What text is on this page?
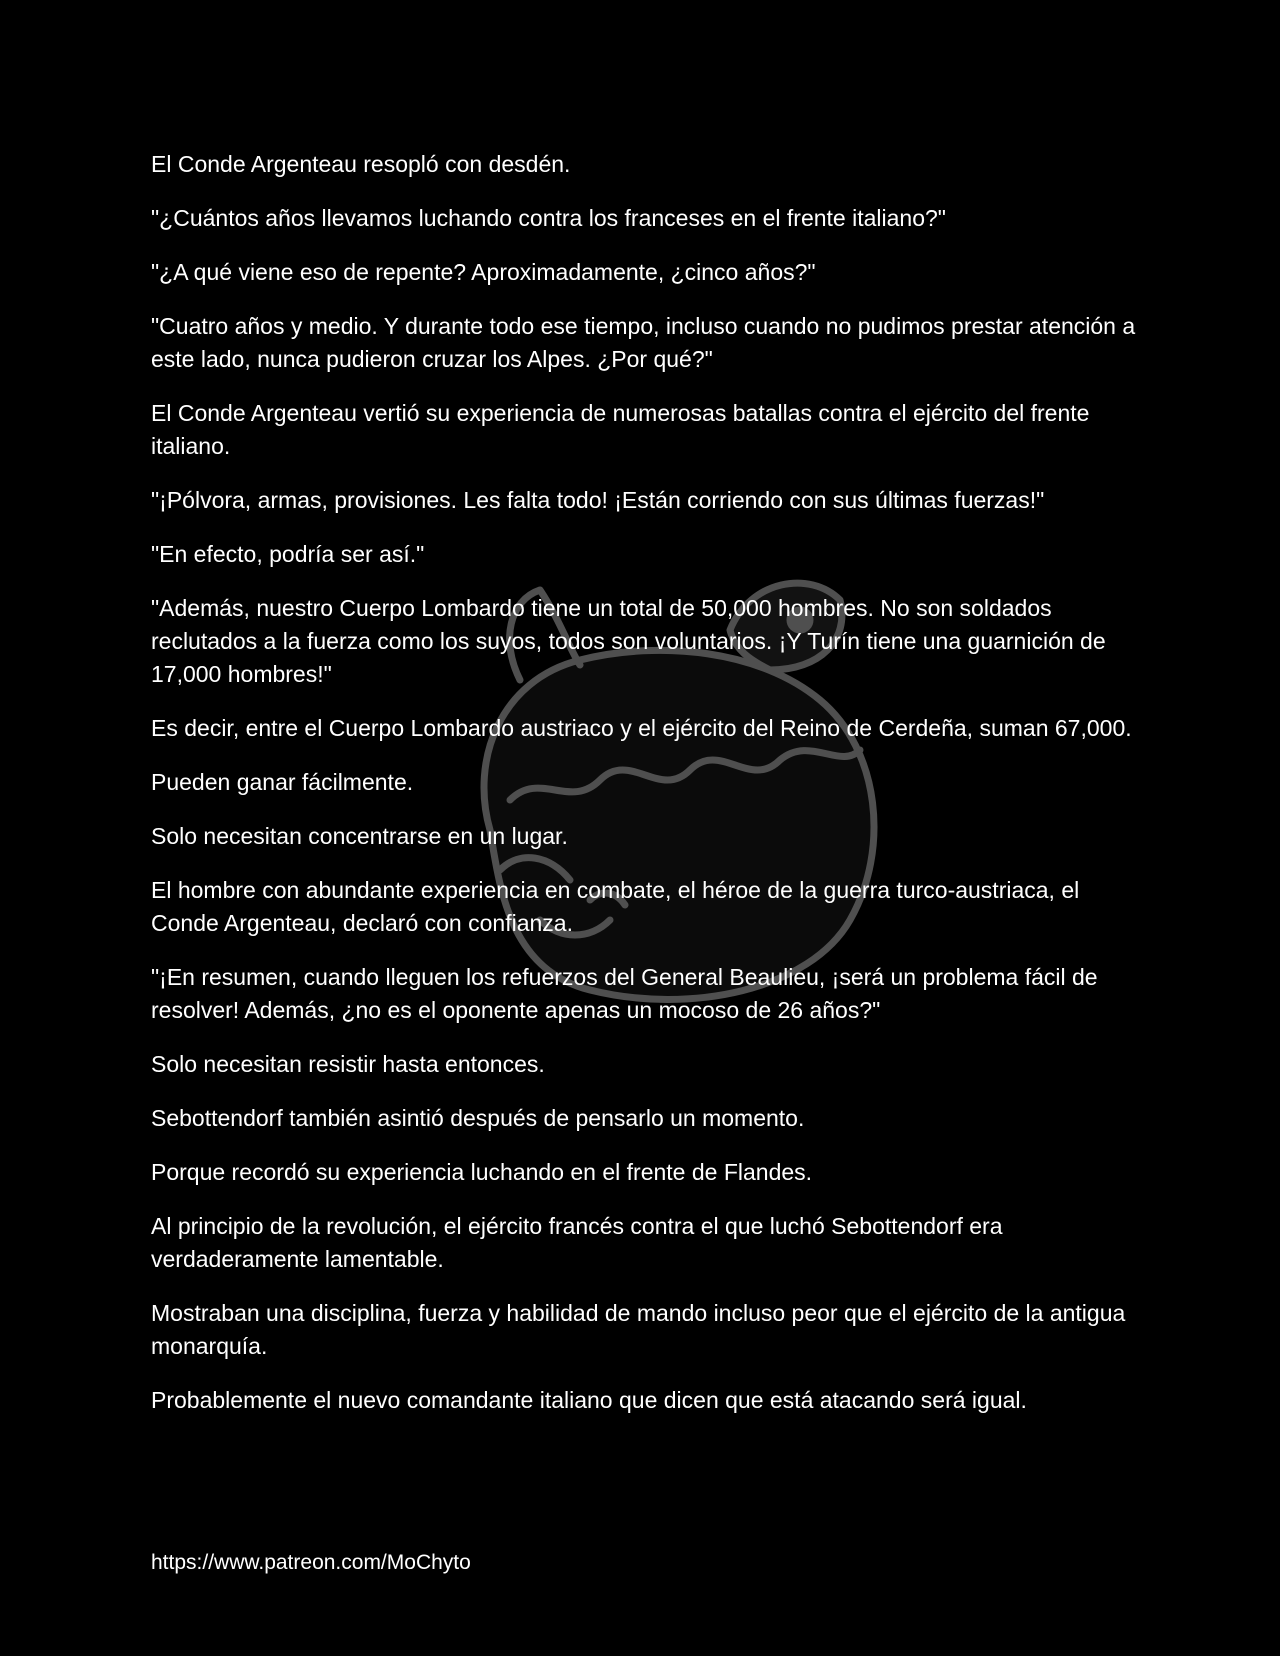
El Conde Argenteau resopló con desdén.

"¿Cuántos años llevamos luchando contra los franceses en el frente italiano?"

"¿A qué viene eso de repente? Aproximadamente, ¿cinco años?"

"Cuatro años y medio. Y durante todo ese tiempo, incluso cuando no pudimos prestar atención a este lado, nunca pudieron cruzar los Alpes. ¿Por qué?"

El Conde Argenteau vertió su experiencia de numerosas batallas contra el ejército del frente italiano.

"¡Pólvora, armas, provisiones. Les falta todo! ¡Están corriendo con sus últimas fuerzas!"

"En efecto, podría ser así."

"Además, nuestro Cuerpo Lombardo tiene un total de 50,000 hombres. No son soldados reclutados a la fuerza como los suyos, todos son voluntarios. ¡Y Turín tiene una guarnición de 17,000 hombres!"

Es decir, entre el Cuerpo Lombardo austriaco y el ejército del Reino de Cerdeña, suman 67,000.

Pueden ganar fácilmente.

Solo necesitan concentrarse en un lugar.

El hombre con abundante experiencia en combate, el héroe de la guerra turco-austriaca, el Conde Argenteau, declaró con confianza.

"¡En resumen, cuando lleguen los refuerzos del General Beaulieu, ¡será un problema fácil de resolver! Además, ¿no es el oponente apenas un mocoso de 26 años?"

Solo necesitan resistir hasta entonces.

Sebottendorf también asintió después de pensarlo un momento.

Porque recordó su experiencia luchando en el frente de Flandes.

Al principio de la revolución, el ejército francés contra el que luchó Sebottendorf era verdaderamente lamentable.

Mostraban una disciplina, fuerza y habilidad de mando incluso peor que el ejército de la antigua monarquía.

Probablemente el nuevo comandante italiano que dicen que está atacando será igual.

https://www.patreon.com/MoChyto
